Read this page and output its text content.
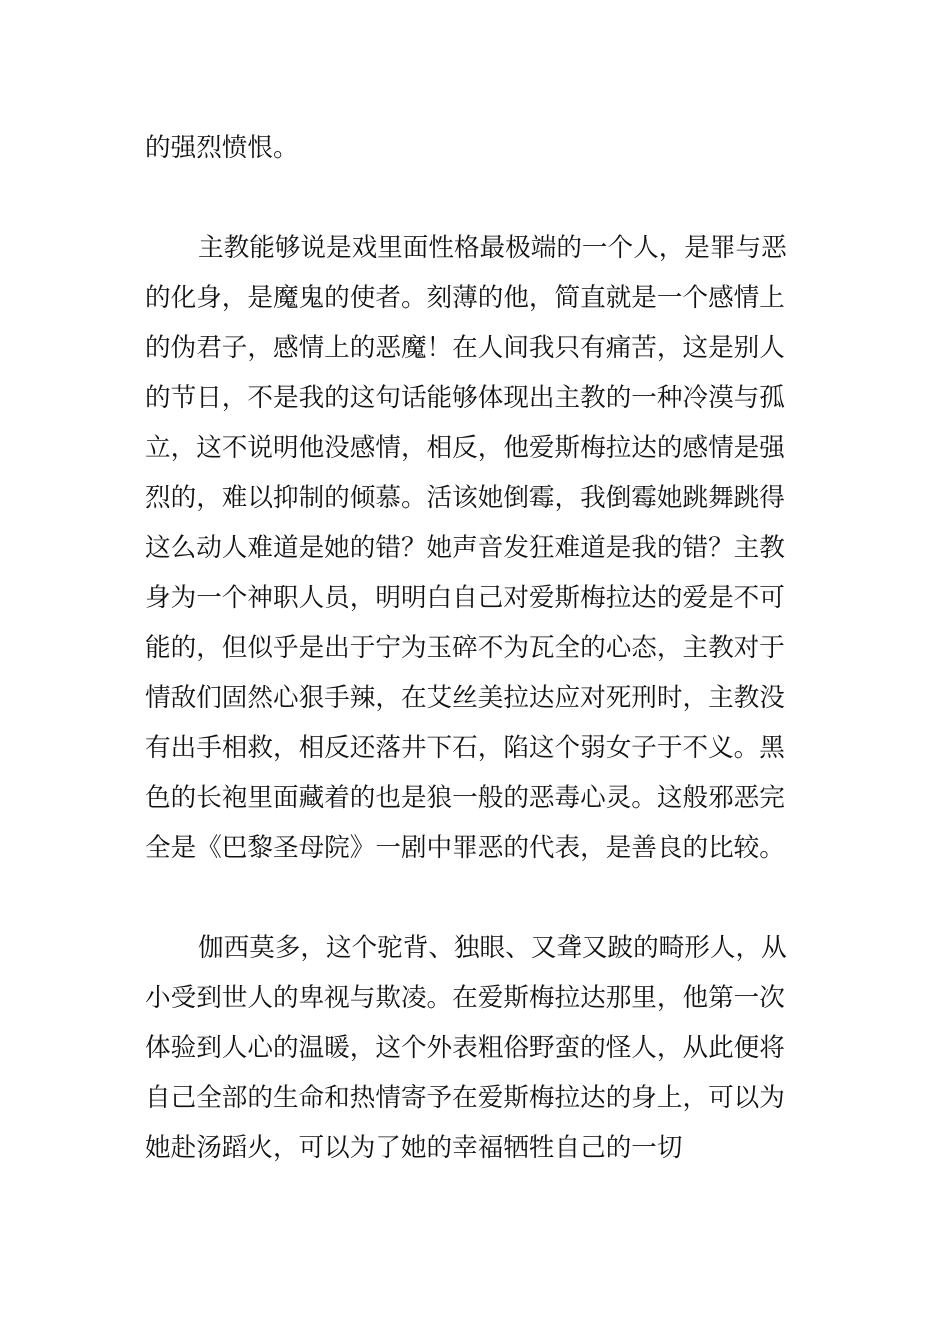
的强烈愤恨。
主教能够说是戏里面性格最极端的一个人，是罪与恶
的化身，是魔鬼的使者。刻薄的他，简直就是一个感情上
的伪君子，感情上的恶魔！在人间我只有痛苦，这是别人
的节日，不是我的这句话能够体现出主教的一种冷漠与孤
立，这不说明他没感情，相反，他爱斯梅拉达的感情是强
烈的，难以抑制的倾慕。活该她倒霉，我倒霉她跳舞跳得
这么动人难道是她的错？她声音发狂难道是我的错？主教
身为一个神职人员，明明白自己对爱斯梅拉达的爱是不可
能的，但似乎是出于宁为玉碎不为瓦全的心态，主教对于
情敌们固然心狠手辣，在艾丝美拉达应对死刑时，主教没
有出手相救，相反还落井下石，陷这个弱女子于不义。黑
色的长袍里面藏着的也是狼一般的恶毒心灵。这般邪恶完
全是《巴黎圣母院》一剧中罪恶的代表，是善良的比较。
伽西莫多，这个驼背、独眼、又聋又跛的畸形人，从
小受到世人的卑视与欺凌。在爱斯梅拉达那里，他第一次
体验到人心的温暖，这个外表粗俗野蛮的怪人，从此便将
自己全部的生命和热情寄予在爱斯梅拉达的身上，可以为
她赴汤蹈火，可以为了她的幸福牺牲自己的一切
